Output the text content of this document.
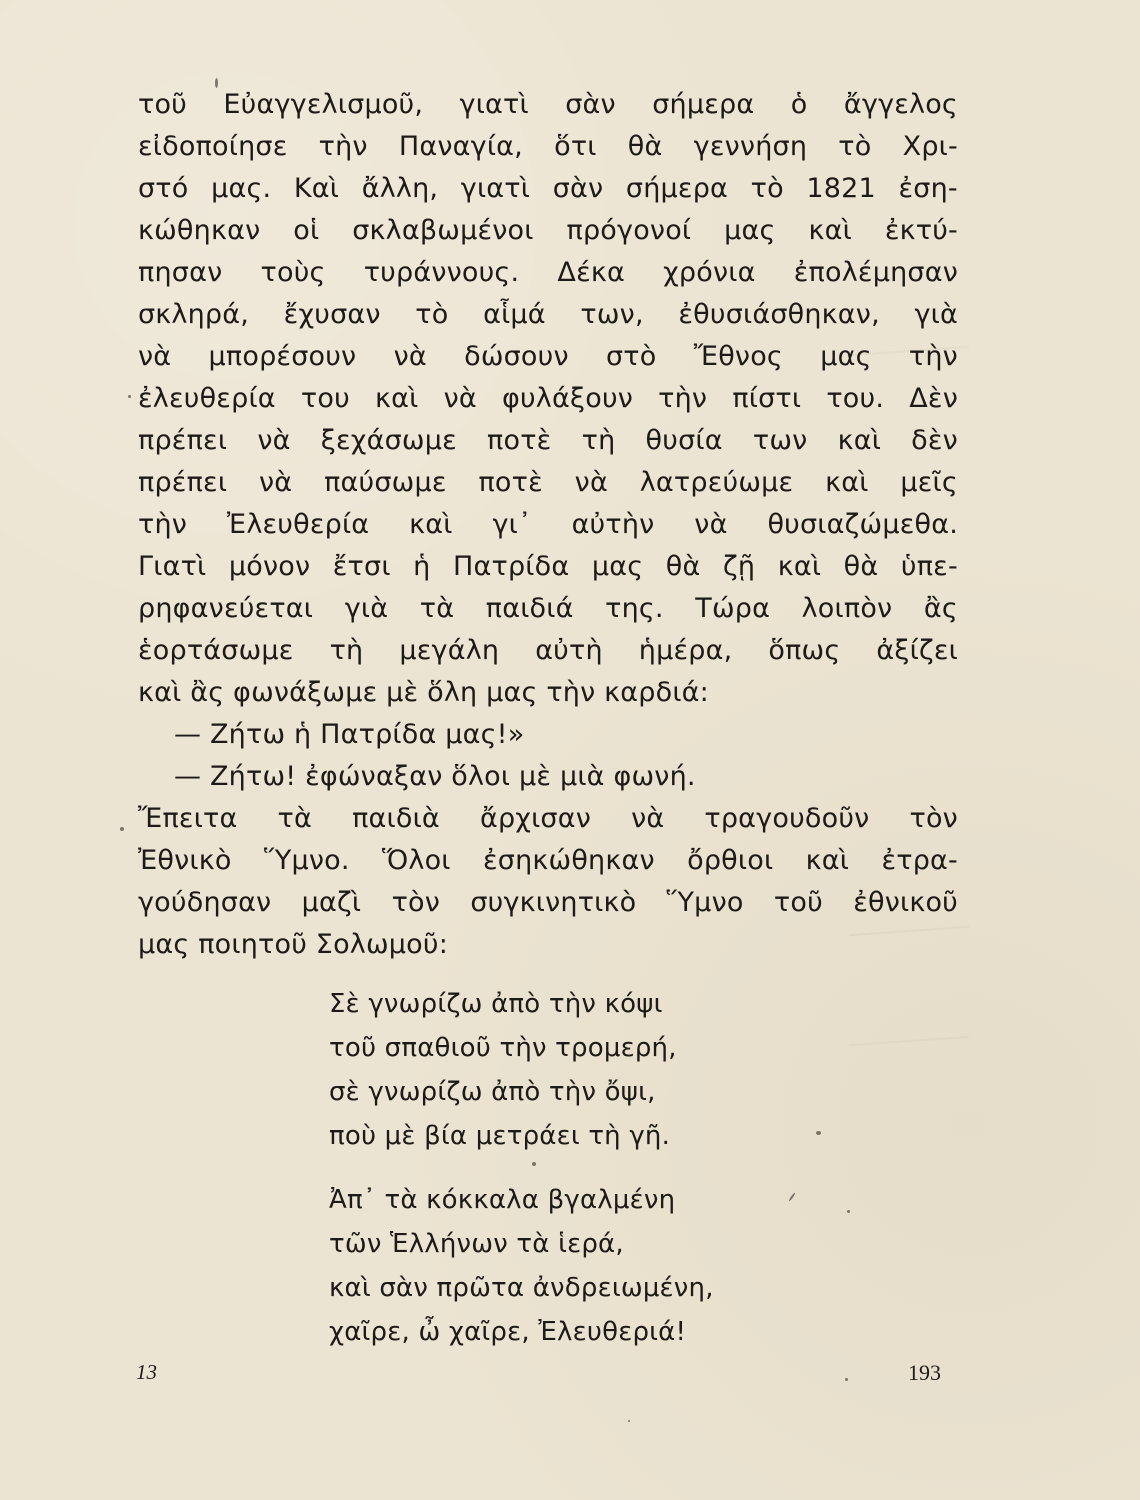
τοῦ Εὐαγγελισμοῦ, γιατὶ σὰν σήμερα ὁ ἄγγελος
εἰδοποίησε τὴν Παναγία, ὅτι θὰ γεννήση τὸ Χρι-
στό μας. Καὶ ἄλλη, γιατὶ σὰν σήμερα τὸ 1821 ἐση-
κώθηκαν οἱ σκλαβωμένοι πρόγονοί μας καὶ ἐκτύ-
πησαν τοὺς τυράννους. Δέκα χρόνια ἐπολέμησαν
σκληρά, ἔχυσαν τὸ αἷμά των, ἐθυσιάσθηκαν, γιὰ
νὰ μπορέσουν νὰ δώσουν στὸ Ἔθνος μας τὴν
ἐλευθερία του καὶ νὰ φυλάξουν τὴν πίστι του. Δὲν
πρέπει νὰ ξεχάσωμε ποτὲ τὴ θυσία των καὶ δὲν
πρέπει νὰ παύσωμε ποτὲ νὰ λατρεύωμε καὶ μεῖς
τὴν Ἐλευθερία καὶ γι᾿ αὐτὴν νὰ θυσιαζώμεθα.
Γιατὶ μόνον ἔτσι ἡ Πατρίδα μας θὰ ζῇ καὶ θὰ ὑπε-
ρηφανεύεται γιὰ τὰ παιδιά της. Τώρα λοιπὸν ἂς
ἑορτάσωμε τὴ μεγάλη αὐτὴ ἡμέρα, ὅπως ἀξίζει
καὶ ἂς φωνάξωμε μὲ ὅλη μας τὴν καρδιά:
— Ζήτω ἡ Πατρίδα μας!»
— Ζήτω! ἐφώναξαν ὅλοι μὲ μιὰ φωνή.
Ἔπειτα τὰ παιδιὰ ἄρχισαν νὰ τραγουδοῦν τὸν
Ἐθνικὸ Ὕμνο. Ὅλοι ἐσηκώθηκαν ὄρθιοι καὶ ἐτρα-
γούδησαν μαζὶ τὸν συγκινητικὸ Ὕμνο τοῦ ἐθνικοῦ
μας ποιητοῦ Σολωμοῦ:
Σὲ γνωρίζω ἀπὸ τὴν κόψι
τοῦ σπαθιοῦ τὴν τρομερή,
σὲ γνωρίζω ἀπὸ τὴν ὄψι,
ποὺ μὲ βία μετράει τὴ γῆ.
Ἀπ᾿ τὰ κόκκαλα βγαλμένη
τῶν Ἑλλήνων τὰ ἱερά,
καὶ σὰν πρῶτα ἀνδρειωμένη,
χαῖρε, ὦ χαῖρε, Ἐλευθεριά!
13	193
